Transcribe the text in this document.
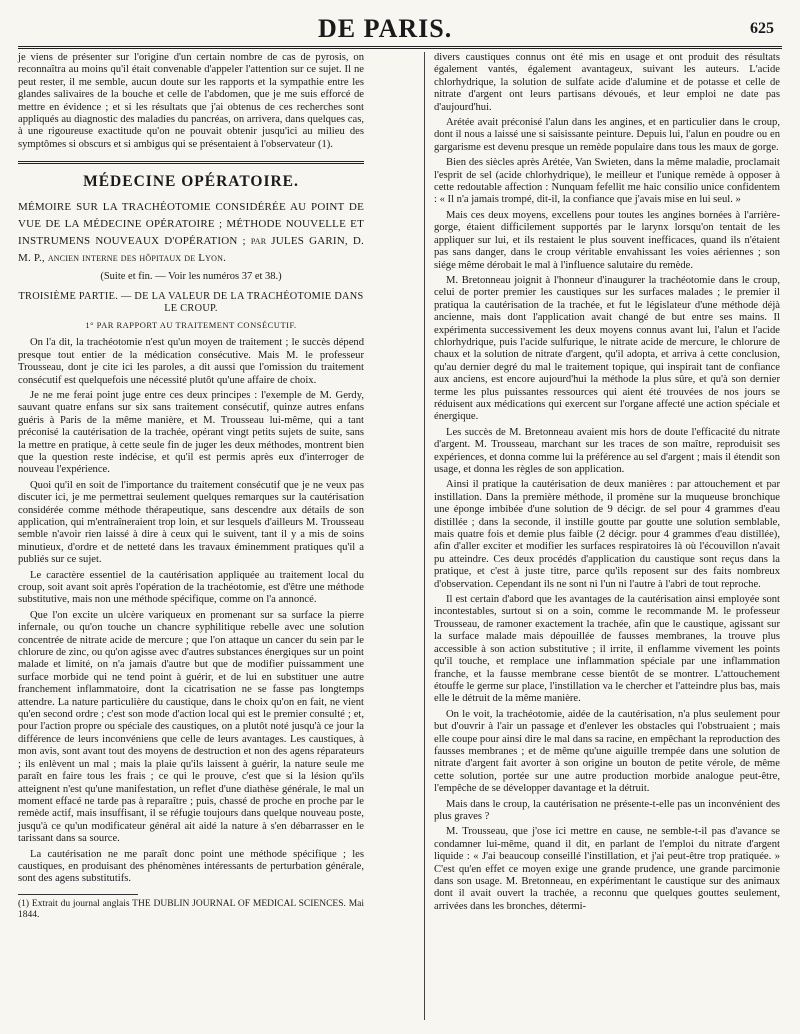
DE PARIS.	625

je viens de présenter sur l'origine d'un certain nombre de cas de pyrosis, on reconnaîtra au moins qu'il était convenable d'appeler l'attention sur ce sujet. Il ne peut rester, il me semble, aucun doute sur les rapports et la sympathie entre les glandes salivaires de la bouche et celle de l'abdomen, que je me suis efforcé de mettre en évidence ; et si les résultats que j'ai obtenus de ces recherches sont appliqués au diagnostic des maladies du pancréas, on arrivera, dans quelques cas, à une rigoureuse exactitude qu'on ne pouvait obtenir jusqu'ici au milieu des symptômes si obscurs et si ambigus qui se présentaient à l'observateur (1).

MÉDECINE OPÉRATOIRE.
MÉMOIRE SUR LA TRACHÉOTOMIE CONSIDÉRÉE AU POINT DE VUE DE LA MÉDECINE OPÉRATOIRE ; MÉTHODE NOUVELLE ET INSTRUMENS NOUVEAUX D'OPÉRATION ; par JULES GARIN, D. M. P., ancien interne des hôpitaux de Lyon.
(Suite et fin. — Voir les numéros 37 et 38.)
TROISIÈME PARTIE. — DE LA VALEUR DE LA TRACHÉOTOMIE DANS LE CROUP.
1° PAR RAPPORT AU TRAITEMENT CONSÉCUTIF.

On l'a dit, la trachéotomie n'est qu'un moyen de traitement ; le succès dépend presque tout entier de la médication consécutive. Mais M. le professeur Trousseau, dont je cite ici les paroles, a dit aussi que l'omission du traitement consécutif est quelquefois une nécessité plutôt qu'une affaire de choix.

Je ne me ferai point juge entre ces deux principes : l'exemple de M. Gerdy, sauvant quatre enfans sur six sans traitement consécutif, quinze autres enfans guéris à Paris de la même manière, et M. Trousseau lui-même, qui a tant préconisé la cautérisation de la trachée, opérant vingt petits sujets de suite, sans la mettre en pratique, à cette seule fin de juger les deux méthodes, montrent bien que la question reste indécise, et qu'il est permis après eux d'interroger de nouveau l'expérience.

Quoi qu'il en soit de l'importance du traitement consécutif que je ne veux pas discuter ici, je me permettrai seulement quelques remarques sur la cautérisation considérée comme méthode thérapeutique, sans descendre aux détails de son application, qui m'entraîneraient trop loin, et sur lesquels d'ailleurs M. Trousseau semble n'avoir rien laissé à dire à ceux qui le suivent, tant il y a mis de soins minutieux, d'ordre et de netteté dans les travaux éminemment pratiques qu'il a publiés sur ce sujet.

Le caractère essentiel de la cautérisation appliquée au traitement local du croup, soit avant soit après l'opération de la trachéotomie, est d'être une méthode substitutive, mais non une méthode spécifique, comme on l'a annoncé.

Que l'on excite un ulcère variqueux en promenant sur sa surface la pierre infernale, ou qu'on touche un chancre syphilitique rebelle avec une solution concentrée de nitrate acide de mercure ; que l'on attaque un cancer du sein par le chlorure de zinc, ou qu'on agisse avec d'autres substances énergiques sur un point malade et limité, on n'a jamais d'autre but que de modifier puissamment une surface morbide qui ne tend point à guérir, et de lui en substituer une autre franchement inflammatoire, dont la cicatrisation ne se fasse pas longtemps attendre. La nature particulière du caustique, dans le choix qu'on en fait, ne vient qu'en second ordre ; c'est son mode d'action local qui est le premier consulté ; et, pour l'action propre ou spéciale des caustiques, on a plutôt noté jusqu'à ce jour la différence de leurs inconvéniens que celle de leurs avantages. Les caustiques, à mon avis, sont avant tout des moyens de destruction et non des agens réparateurs ; ils enlèvent un mal ; mais la plaie qu'ils laissent à guérir, la nature seule me paraît en faire tous les frais ; ce qui le prouve, c'est que si la lésion qu'ils atteignent n'est qu'une manifestation, un reflet d'une diathèse générale, le mal un moment effacé ne tarde pas à reparaître ; puis, chassé de proche en proche par le remède actif, mais insuffisant, il se réfugie toujours dans quelque nouveau poste, jusqu'à ce qu'un modificateur général ait aidé la nature à s'en débarrasser en le tarissant dans sa source.

La cautérisation ne me paraît donc point une méthode spécifique ; les caustiques, en produisant des phénomènes intéressants de perturbation générale, sont des agens substitutifs.

(1) Extrait du journal anglais THE DUBLIN JOURNAL OF MEDICAL SCIENCES. Mai 1844.

divers caustiques connus ont été mis en usage et ont produit des résultats également vantés, également avantageux, suivant les auteurs. L'acide chlorhydrique, la solution de sulfate acide d'alumine et de potasse et celle de nitrate d'argent ont leurs partisans dévoués, et leur emploi ne date pas d'aujourd'hui.

Arétée avait préconisé l'alun dans les angines, et en particulier dans le croup, dont il nous a laissé une si saisissante peinture. Depuis lui, l'alun en poudre ou en gargarisme est devenu presque un remède populaire dans tous les maux de gorge.

Bien des siècles après Arétée, Van Swieten, dans la même maladie, proclamait l'esprit de sel (acide chlorhydrique), le meilleur et l'unique remède à opposer à cette redoutable affection : Nunquam fefellit me haic consilio unice confidentem : « Il n'a jamais trompé, dit-il, la confiance que j'avais mise en lui seul. »

Mais ces deux moyens, excellens pour toutes les angines bornées à l'arrière-gorge, étaient difficilement supportés par le larynx lorsqu'on tentait de les appliquer sur lui, et ils restaient le plus souvent inefficaces, quand ils n'étaient pas sans danger, dans le croup véritable envahissant les voies aériennes ; son siége même dérobait le mal à l'influence salutaire du remède.

M. Bretonneau joignit à l'honneur d'inaugurer la trachéotomie dans le croup, celui de porter premier les caustiques sur les surfaces malades ; le premier il pratiqua la cautérisation de la trachée, et fut le législateur d'une méthode déjà ancienne, mais dont l'application avait changé de but entre ses mains. Il expérimenta successivement les deux moyens connus avant lui, l'alun et l'acide chlorhydrique, puis l'acide sulfurique, le nitrate acide de mercure, le chlorure de chaux et la solution de nitrate d'argent, qu'il adopta, et arriva à cette conclusion, qu'au dernier degré du mal le traitement topique, qui inspirait tant de confiance aux anciens, est encore aujourd'hui la méthode la plus sûre, et qu'à son dernier terme les plus puissantes ressources qui aient été trouvées de nos jours se réduisent aux médications qui exercent sur l'organe affecté une action spéciale et énergique.

Les succès de M. Bretonneau avaient mis hors de doute l'efficacité du nitrate d'argent. M. Trousseau, marchant sur les traces de son maître, reproduisit ses expériences, et donna comme lui la préférence au sel d'argent ; mais il étendit son usage, et donna les règles de son application.

Ainsi il pratique la cautérisation de deux manières : par attouchement et par instillation. Dans la première méthode, il promène sur la muqueuse bronchique une éponge imbibée d'une solution de 9 décigr. de sel pour 4 grammes d'eau distillée ; dans la seconde, il instille goutte par goutte une solution semblable, mais quatre fois et demie plus faible (2 décigr. pour 4 grammes d'eau distillée), afin d'aller exciter et modifier les surfaces respiratoires là où l'écouvillon n'avait pu atteindre. Ces deux procédés d'application du caustique sont reçus dans la pratique, et c'est à juste titre, parce qu'ils reposent sur des faits nombreux d'observation. Cependant ils ne sont ni l'un ni l'autre à l'abri de tout reproche.

Il est certain d'abord que les avantages de la cautérisation ainsi employée sont incontestables, surtout si on a soin, comme le recommande M. le professeur Trousseau, de ramoner exactement la trachée, afin que le caustique, agissant sur la surface malade mais dépouillée de fausses membranes, la trouve plus accessible à son action substitutive ; il irrite, il enflamme vivement les points qu'il touche, et remplace une inflammation spéciale par une inflammation franche, et la fausse membrane cesse bientôt de se montrer. L'attouchement étouffe le germe sur place, l'instillation va le chercher et l'atteindre plus bas, mais elle le détruit de la même manière.

On le voit, la trachéotomie, aidée de la cautérisation, n'a plus seulement pour but d'ouvrir à l'air un passage et d'enlever les obstacles qui l'obstruaient ; mais elle coupe pour ainsi dire le mal dans sa racine, en empêchant la reproduction des fausses membranes ; et de même qu'une aiguille trempée dans une solution de nitrate d'argent fait avorter à son origine un bouton de petite vérole, de même cette solution, portée sur une autre production morbide analogue peut-être, l'empêche de se développer davantage et la détruit.

Mais dans le croup, la cautérisation ne présente-t-elle pas un inconvénient des plus graves ?

M. Trousseau, que j'ose ici mettre en cause, ne semble-t-il pas d'avance se condamner lui-même, quand il dit, en parlant de l'emploi du nitrate d'argent liquide : « J'ai beaucoup conseillé l'instillation, et j'ai peut-être trop pratiquée. » C'est qu'en effet ce moyen exige une grande prudence, une grande parcimonie dans son usage. M. Bretonneau, en expérimentant le caustique sur des animaux dont il avait ouvert la trachée, a reconnu que quelques gouttes seulement, arrivées dans les bronches, détermi-
